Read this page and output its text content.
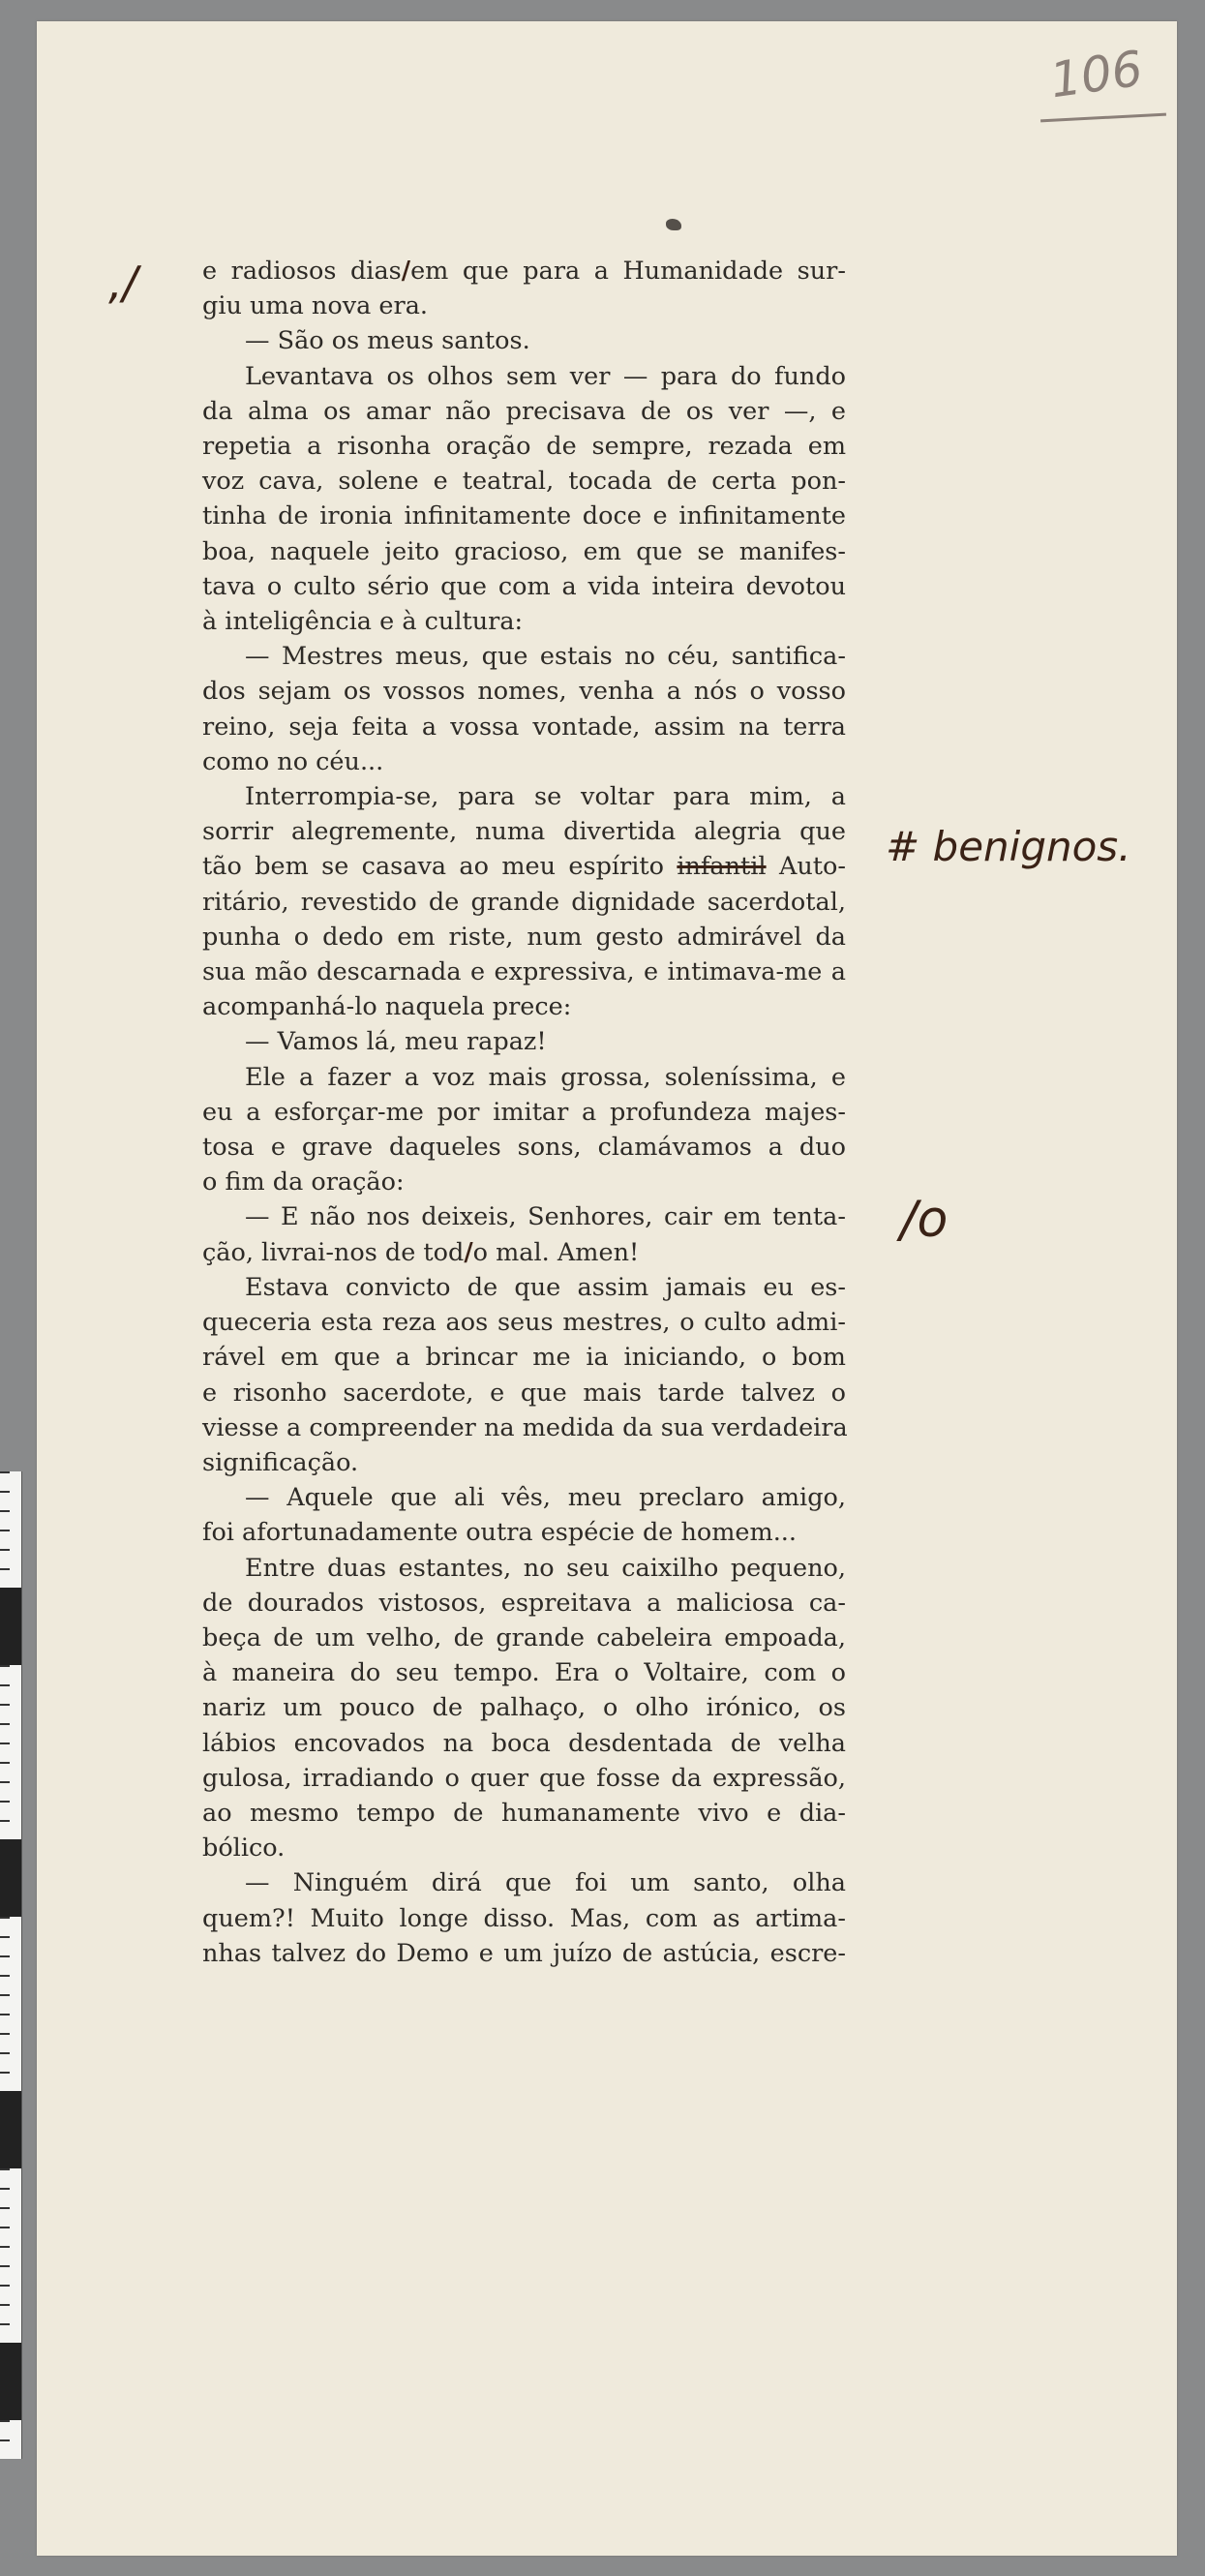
106
,/
# benignos.
/o
e radiosos dias/em que para a Humanidade sur-
giu uma nova era.
— São os meus santos.
Levantava os olhos sem ver — para do fundo
da alma os amar não precisava de os ver —, e
repetia a risonha oração de sempre, rezada em
voz cava, solene e teatral, tocada de certa pon-
tinha de ironia infinitamente doce e infinitamente
boa, naquele jeito gracioso, em que se manifes-
tava o culto sério que com a vida inteira devotou
à inteligência e à cultura:
— Mestres meus, que estais no céu, santifica-
dos sejam os vossos nomes, venha a nós o vosso
reino, seja feita a vossa vontade, assim na terra
como no céu...
Interrompia-se, para se voltar para mim, a
sorrir alegremente, numa divertida alegria que
tão bem se casava ao meu espírito infantil Auto-
ritário, revestido de grande dignidade sacerdotal,
punha o dedo em riste, num gesto admirável da
sua mão descarnada e expressiva, e intimava-me a
acompanhá-lo naquela prece:
— Vamos lá, meu rapaz!
Ele a fazer a voz mais grossa, soleníssima, e
eu a esforçar-me por imitar a profundeza majes-
tosa e grave daqueles sons, clamávamos a duo
o fim da oração:
— E não nos deixeis, Senhores, cair em tenta-
ção, livrai-nos de tod/o mal. Amen!
Estava convicto de que assim jamais eu es-
queceria esta reza aos seus mestres, o culto admi-
rável em que a brincar me ia iniciando, o bom
e risonho sacerdote, e que mais tarde talvez o
viesse a compreender na medida da sua verdadeira
significação.
— Aquele que ali vês, meu preclaro amigo,
foi afortunadamente outra espécie de homem...
Entre duas estantes, no seu caixilho pequeno,
de dourados vistosos, espreitava a maliciosa ca-
beça de um velho, de grande cabeleira empoada,
à maneira do seu tempo. Era o Voltaire, com o
nariz um pouco de palhaço, o olho irónico, os
lábios encovados na boca desdentada de velha
gulosa, irradiando o quer que fosse da expressão,
ao mesmo tempo de humanamente vivo e dia-
bólico.
— Ninguém dirá que foi um santo, olha
quem?! Muito longe disso. Mas, com as artima-
nhas talvez do Demo e um juízo de astúcia, escre-
